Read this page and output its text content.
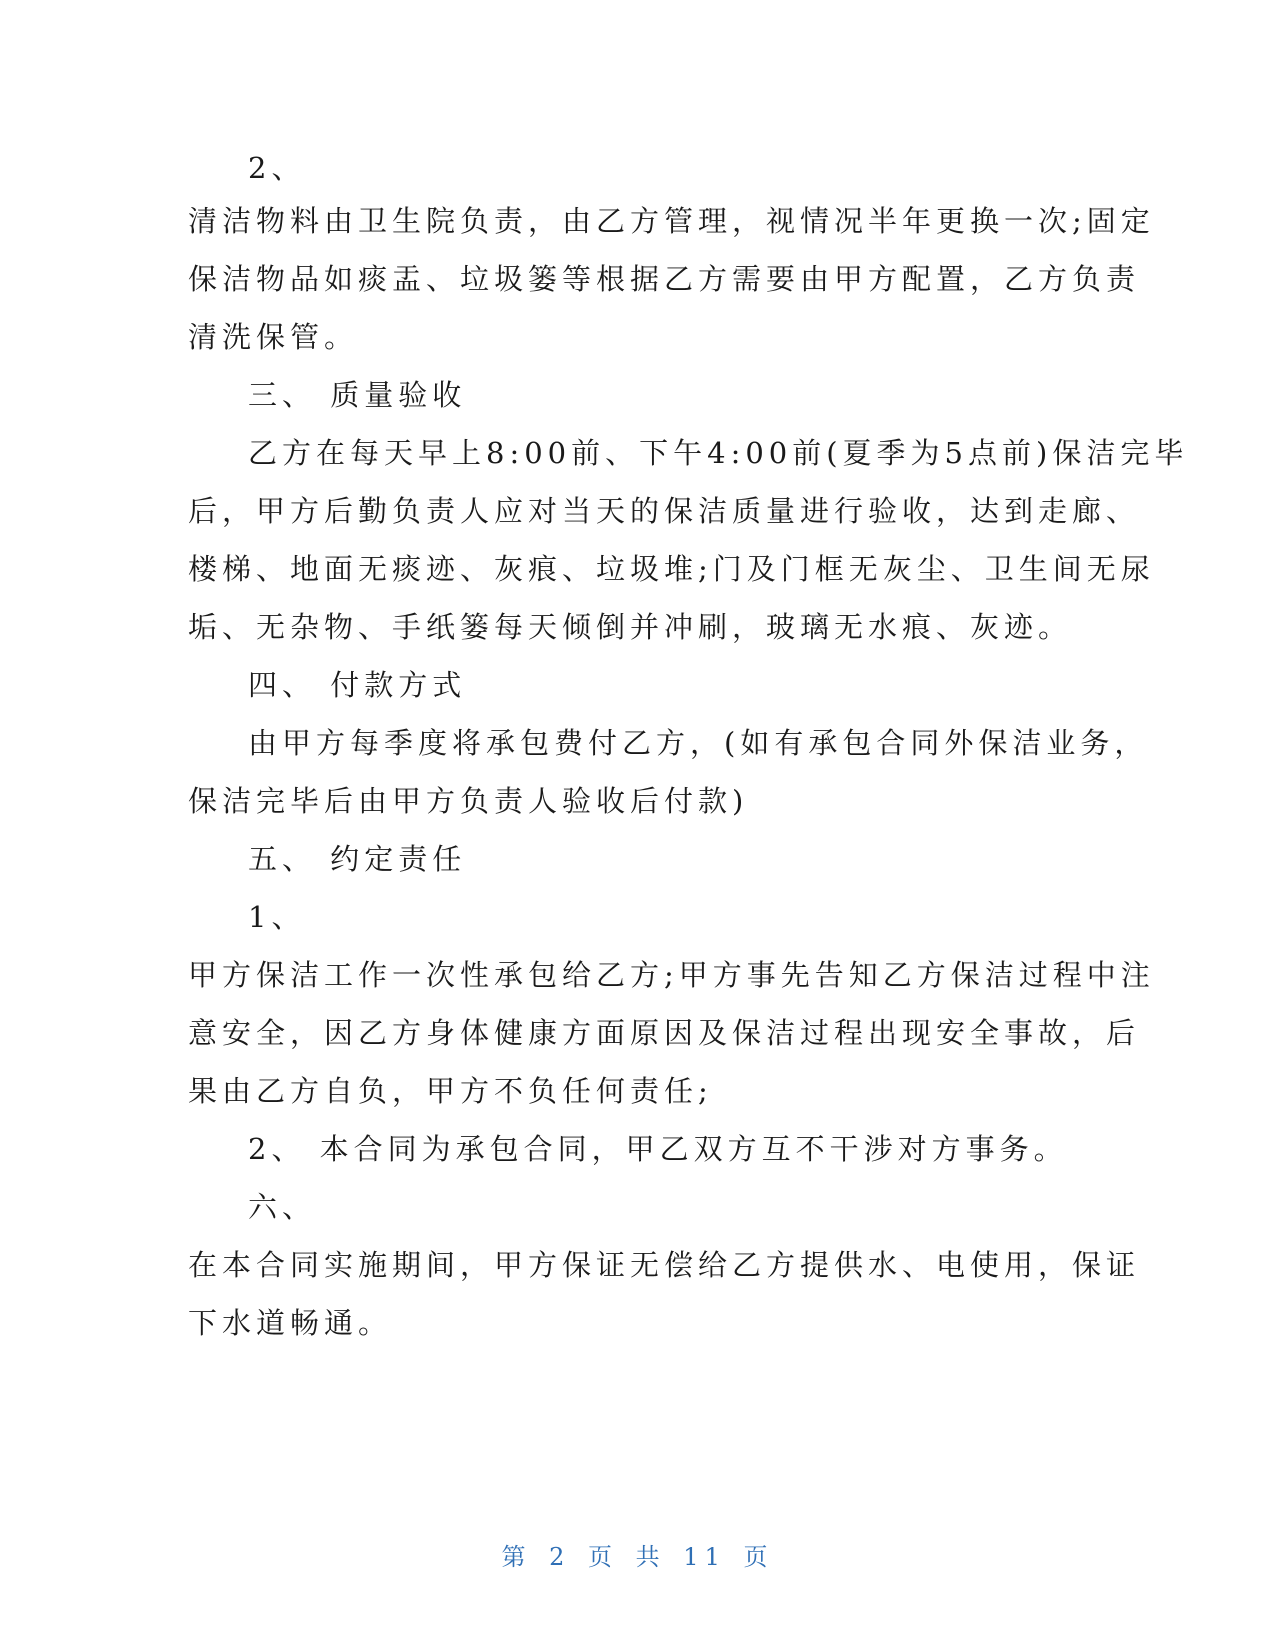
2、
清洁物料由卫生院负责，由乙方管理，视情况半年更换一次;固定
保洁物品如痰盂、垃圾篓等根据乙方需要由甲方配置，乙方负责
清洗保管。
三、 质量验收
乙方在每天早上8:00前、下午4:00前(夏季为5点前)保洁完毕
后，甲方后勤负责人应对当天的保洁质量进行验收，达到走廊、
楼梯、地面无痰迹、灰痕、垃圾堆;门及门框无灰尘、卫生间无尿
垢、无杂物、手纸篓每天倾倒并冲刷，玻璃无水痕、灰迹。
四、 付款方式
由甲方每季度将承包费付乙方，(如有承包合同外保洁业务，
保洁完毕后由甲方负责人验收后付款)
五、 约定责任
1、
甲方保洁工作一次性承包给乙方;甲方事先告知乙方保洁过程中注
意安全，因乙方身体健康方面原因及保洁过程出现安全事故，后
果由乙方自负，甲方不负任何责任;
2、 本合同为承包合同，甲乙双方互不干涉对方事务。
六、
在本合同实施期间，甲方保证无偿给乙方提供水、电使用，保证
下水道畅通。
第 2 页 共 11 页
